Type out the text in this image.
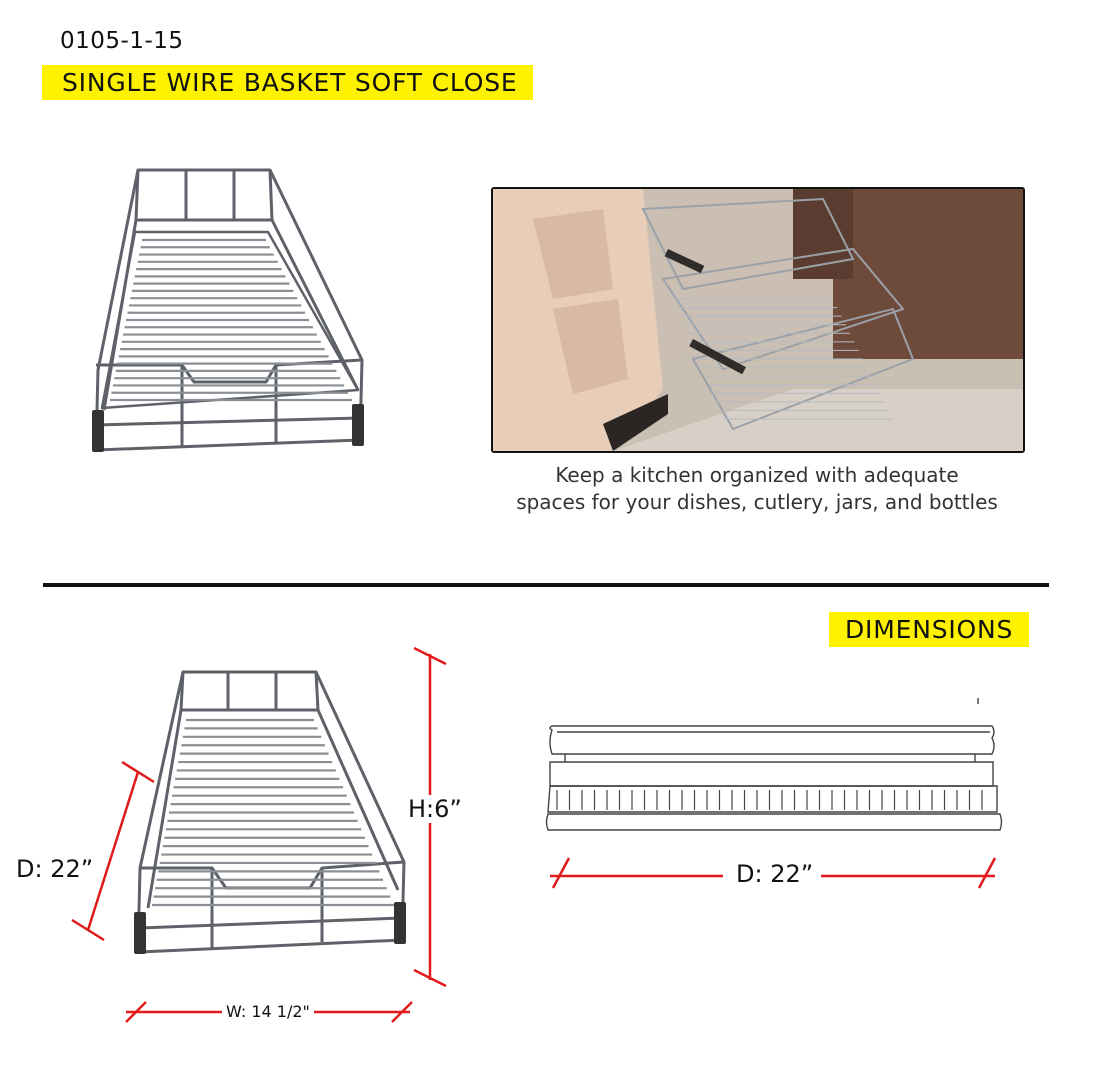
0105-1-15
SINGLE WIRE BASKET SOFT CLOSE
Keep a kitchen organized with adequate
spaces for your dishes, cutlery, jars, and bottles
DIMENSIONS
D: 22”
H:6”
W: 14 1/2"
D: 22”
